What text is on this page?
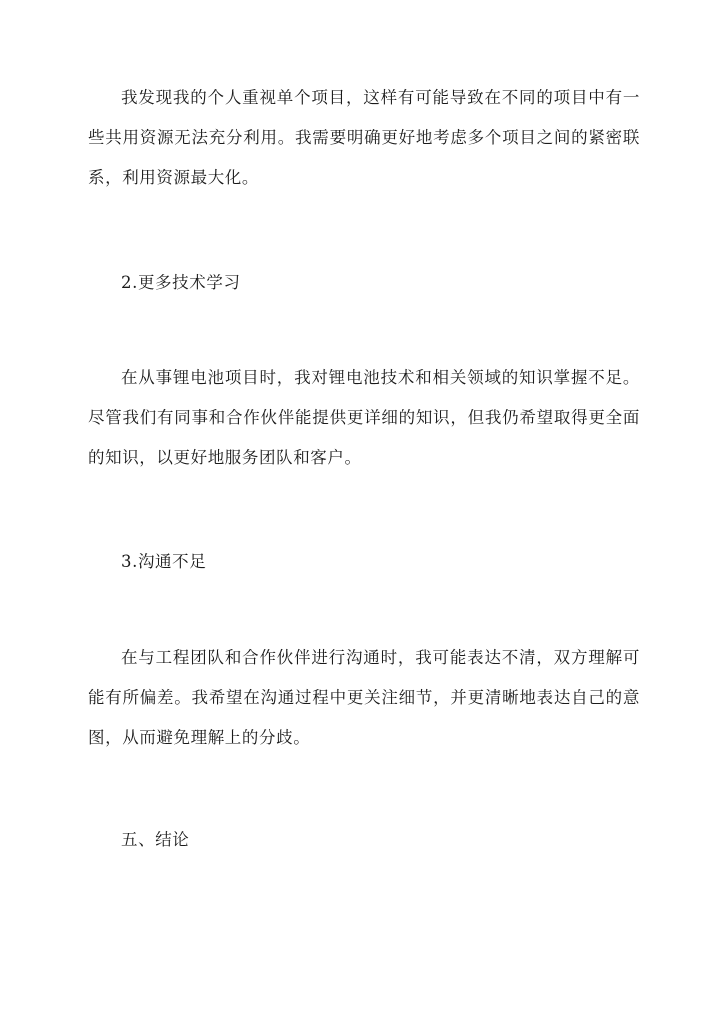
我发现我的个人重视单个项目，这样有可能导致在不同的项目中有一些共用资源无法充分利用。我需要明确更好地考虑多个项目之间的紧密联系，利用资源最大化。

2.更多技术学习

在从事锂电池项目时，我对锂电池技术和相关领域的知识掌握不足。尽管我们有同事和合作伙伴能提供更详细的知识，但我仍希望取得更全面的知识，以更好地服务团队和客户。

3.沟通不足

在与工程团队和合作伙伴进行沟通时，我可能表达不清，双方理解可能有所偏差。我希望在沟通过程中更关注细节，并更清晰地表达自己的意图，从而避免理解上的分歧。

五、结论
